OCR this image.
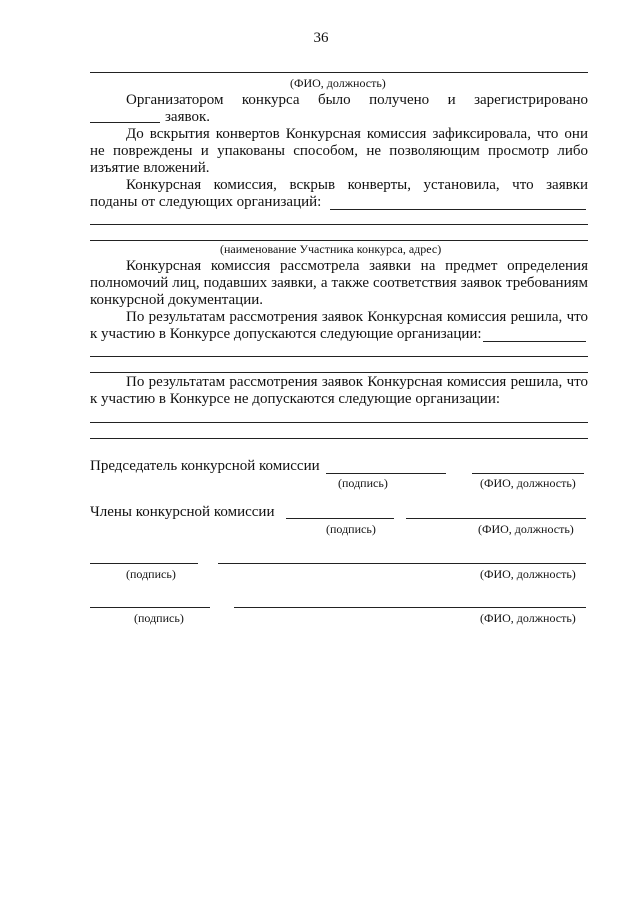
36
(ФИО, должность)
Организатором конкурса было получено и зарегистрировано
заявок.
До вскрытия конвертов Конкурсная комиссия зафиксировала, что они
не повреждены и упакованы способом, не позволяющим просмотр либо
изъятие вложений.
Конкурсная комиссия, вскрыв конверты, установила, что заявки
поданы от следующих организаций:
(наименование Участника конкурса, адрес)
Конкурсная комиссия рассмотрела заявки на предмет определения
полномочий лиц, подавших заявки, а также соответствия заявок требованиям
конкурсной документации.
По результатам рассмотрения заявок Конкурсная комиссия решила, что
к участию в Конкурсе допускаются следующие организации:
По результатам рассмотрения заявок Конкурсная комиссия решила, что
к участию в Конкурсе не допускаются следующие организации:
Председатель конкурсной комиссии
(подпись)	(ФИО, должность)
Члены конкурсной комиссии
(подпись)	(ФИО, должность)
(подпись)	(ФИО, должность)
(подпись)	(ФИО, должность)
